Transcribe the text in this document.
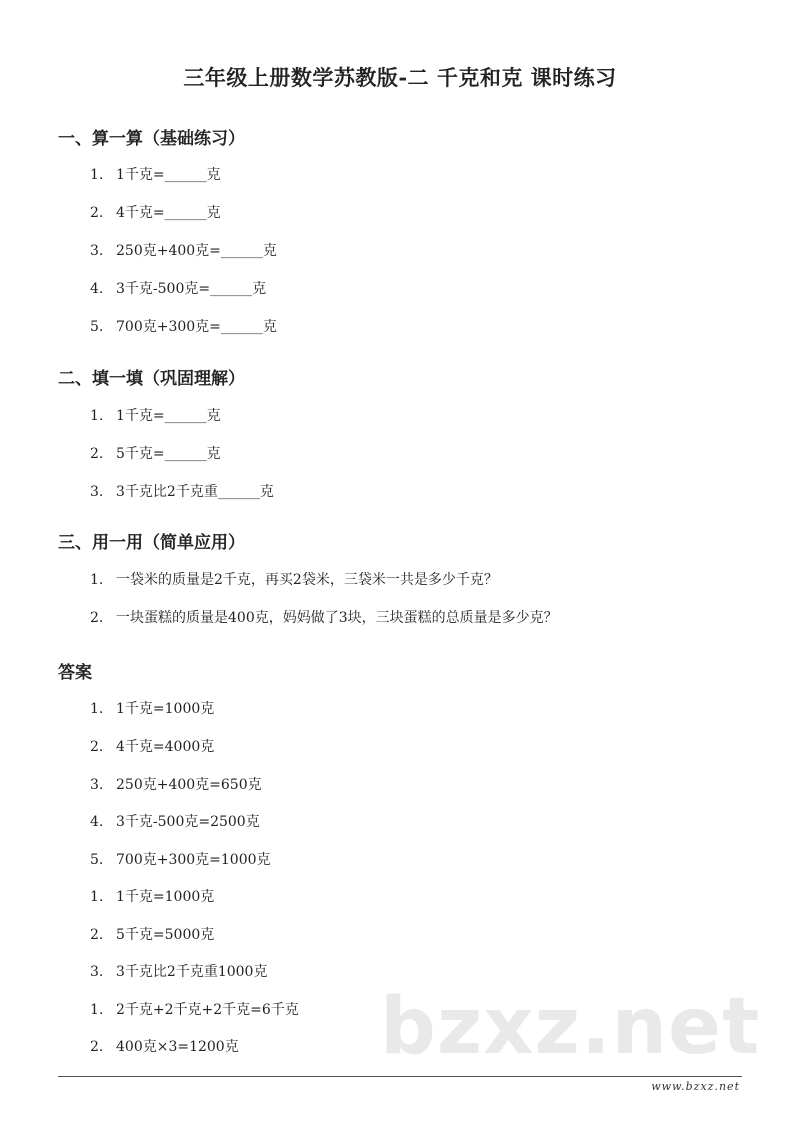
三年级上册数学苏教版-二 千克和克 课时练习
一、算一算（基础练习）
1. 1千克=______克
2. 4千克=______克
3. 250克+400克=______克
4. 3千克-500克=______克
5. 700克+300克=______克
二、填一填（巩固理解）
1. 1千克=______克
2. 5千克=______克
3. 3千克比2千克重______克
三、用一用（简单应用）
1. 一袋米的质量是2千克，再买2袋米，三袋米一共是多少千克？
2. 一块蛋糕的质量是400克，妈妈做了3块，三块蛋糕的总质量是多少克？
答案
1. 1千克=1000克
2. 4千克=4000克
3. 250克+400克=650克
4. 3千克-500克=2500克
5. 700克+300克=1000克
1. 1千克=1000克
2. 5千克=5000克
3. 3千克比2千克重1000克
1. 2千克+2千克+2千克=6千克
2. 400克×3=1200克 bzxz.net
www.bzxz.net
